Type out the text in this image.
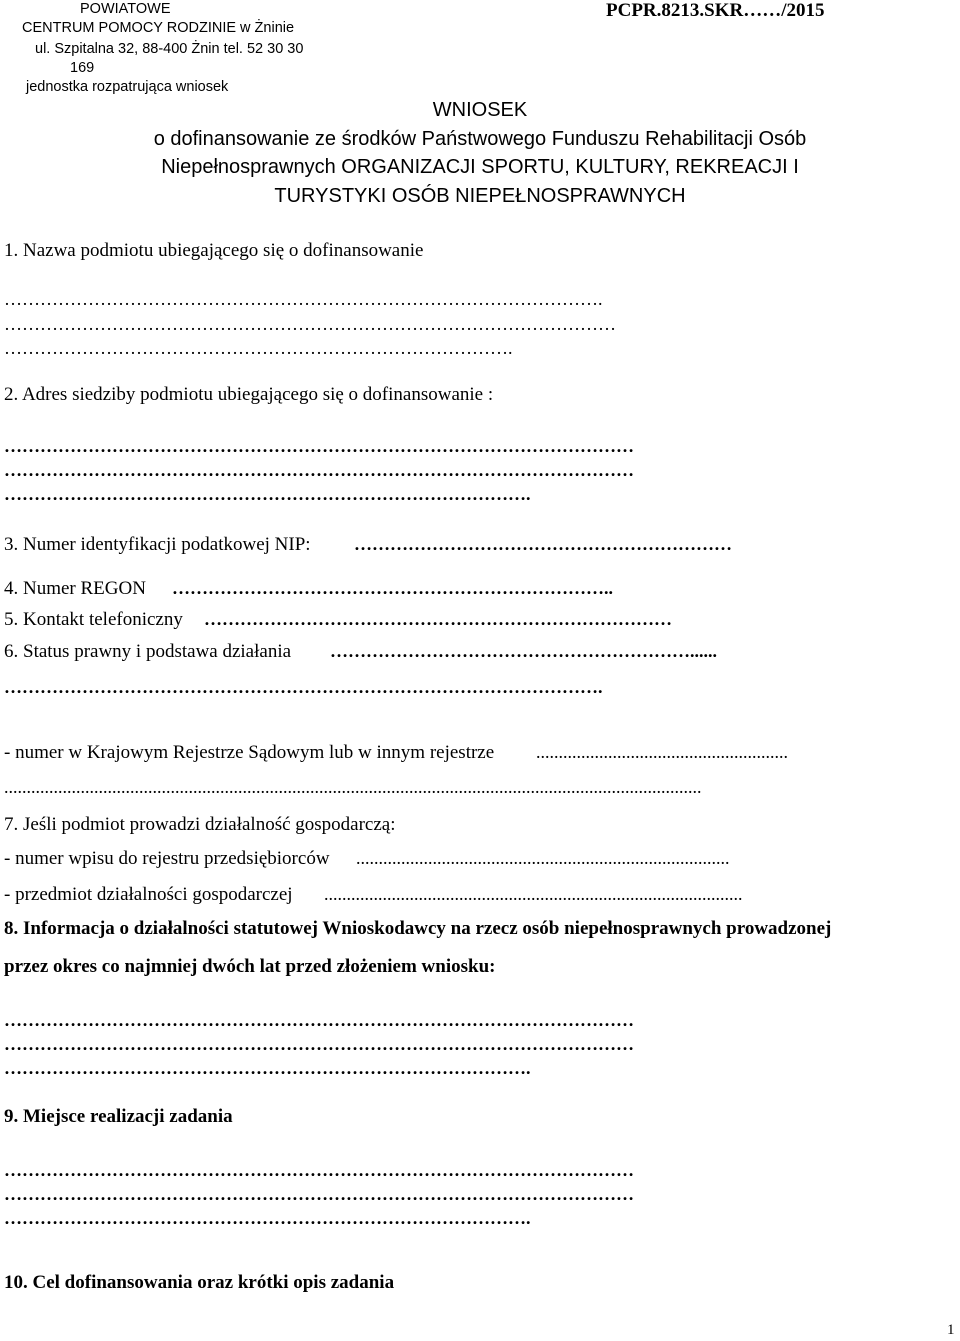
POWIATOWE
CENTRUM POMOCY RODZINIE w Żninie
ul. Szpitalna 32, 88-400 Żnin tel. 52 30 30
169
jednostka rozpatrująca wniosek
PCPR.8213.SKR……/2015
WNIOSEK
o dofinansowanie ze środków Państwowego Funduszu Rehabilitacji Osób
Niepełnosprawnych ORGANIZACJI SPORTU, KULTURY, REKREACJI I
TURYSTYKI OSÓB NIEPEŁNOSPRAWNYCH
1. Nazwa podmiotu ubiegającego się o dofinansowanie
……………………………………………………………………………………….
…………………………………………………………………………………………
………………………………………………………………………….
2. Adres siedziby podmiotu ubiegającego się o dofinansowanie :
……………………………………………………………………………………………
……………………………………………………………………………………………
…………………………………………………………………………….
3. Numer identyfikacji podatkowej NIP: ………………………………………………………
4. Numer REGON ………………………………………………………………..
5. Kontakt telefoniczny ……………………………………………………………………
6. Status prawny i podstawa działania ……………………………………………………......
……………………………………………………………………………………….
- numer w Krajowym Rejestrze Sądowym lub w innym rejestrze ........................................................
...........................................................................................................................................................
7. Jeśli podmiot prowadzi działalność gospodarczą:
- numer wpisu do rejestru przedsiębiorców ...................................................................................
- przedmiot działalności gospodarczej .............................................................................................
8. Informacja o działalności statutowej Wnioskodawcy na rzecz osób niepełnosprawnych prowadzonej
przez okres co najmniej dwóch lat przed złożeniem wniosku:
……………………………………………………………………………………………
……………………………………………………………………………………………
…………………………………………………………………………….
9. Miejsce realizacji zadania
……………………………………………………………………………………………
……………………………………………………………………………………………
…………………………………………………………………………….
10. Cel dofinansowania oraz krótki opis zadania
1
